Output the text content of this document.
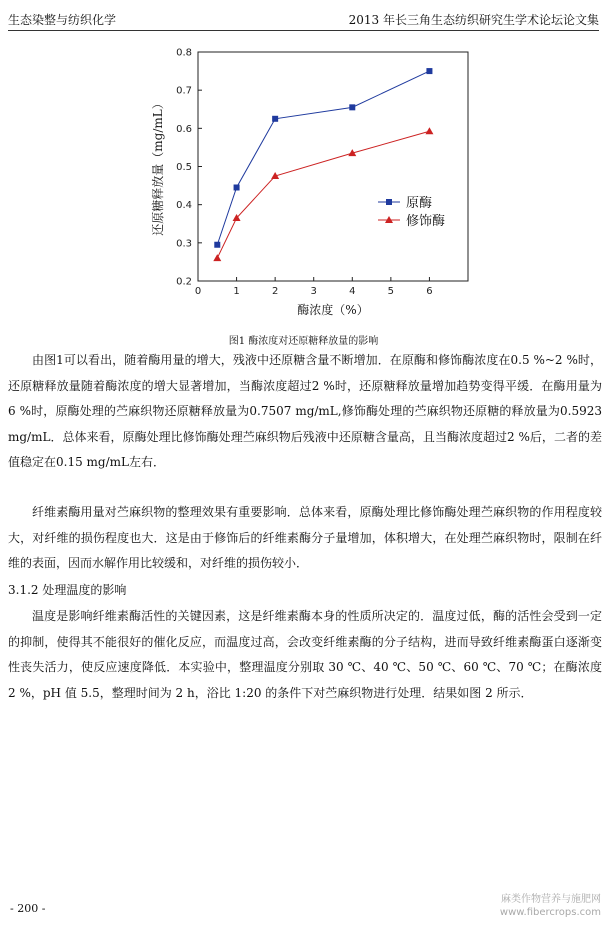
生态染整与纺织化学	2013 年长三角生态纺织研究生学术论坛论文集
0	1	2	3	4	5	6
0.2
0.3
0.4
0.5
0.6
0.7
0.8
酶浓度（%）
还原糖释放量（mg/mL）	原酶
修饰酶
图1 酶浓度对还原糖释放量的影响

由图1可以看出，随着酶用量的增大，残液中还原糖含量不断增加．在原酶和修饰酶浓度在0.5 %~2 %时，还原糖释放量随着酶浓度的增大显著增加，当酶浓度超过2 %时，还原糖释放量增加趋势变得平缓．在酶用量为6 %时，原酶处理的苎麻织物还原糖释放量为0.7507 mg/mL,修饰酶处理的苎麻织物还原糖的释放量为0.5923 mg/mL．总体来看，原酶处理比修饰酶处理苎麻织物后残液中还原糖含量高，且当酶浓度超过2 %后，二者的差值稳定在0.15 mg/mL左右．

纤维素酶用量对苎麻织物的整理效果有重要影响．总体来看，原酶处理比修饰酶处理苎麻织物的作用程度较大，对纤维的损伤程度也大．这是由于修饰后的纤维素酶分子量增加，体积增大，在处理苎麻织物时，限制在纤维的表面，因而水解作用比较缓和，对纤维的损伤较小．

3.1.2 处理温度的影响

温度是影响纤维素酶活性的关键因素，这是纤维素酶本身的性质所决定的．温度过低，酶的活性会受到一定的抑制，使得其不能很好的催化反应，而温度过高，会改变纤维素酶的分子结构，进而导致纤维素酶蛋白逐渐变性丧失活力，使反应速度降低．本实验中，整理温度分别取 30 ℃、40 ℃、50 ℃、60 ℃、70 ℃；在酶浓度 2 %，pH 值 5.5，整理时间为 2 h，浴比 1:20 的条件下对苎麻织物进行处理．结果如图 2 所示．

- 200 -
麻类作物营养与施肥网
www.fibercrops.com
